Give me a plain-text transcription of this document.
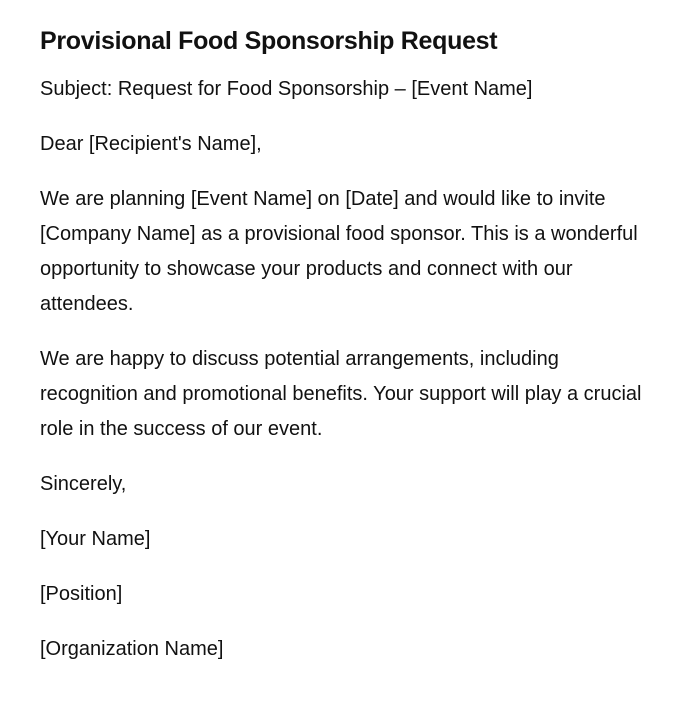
Provisional Food Sponsorship Request

Subject: Request for Food Sponsorship – [Event Name]

Dear [Recipient's Name],

We are planning [Event Name] on [Date] and would like to invite [Company Name] as a provisional food sponsor. This is a wonderful opportunity to showcase your products and connect with our attendees.

We are happy to discuss potential arrangements, including recognition and promotional benefits. Your support will play a crucial role in the success of our event.

Sincerely,

[Your Name]

[Position]

[Organization Name]
